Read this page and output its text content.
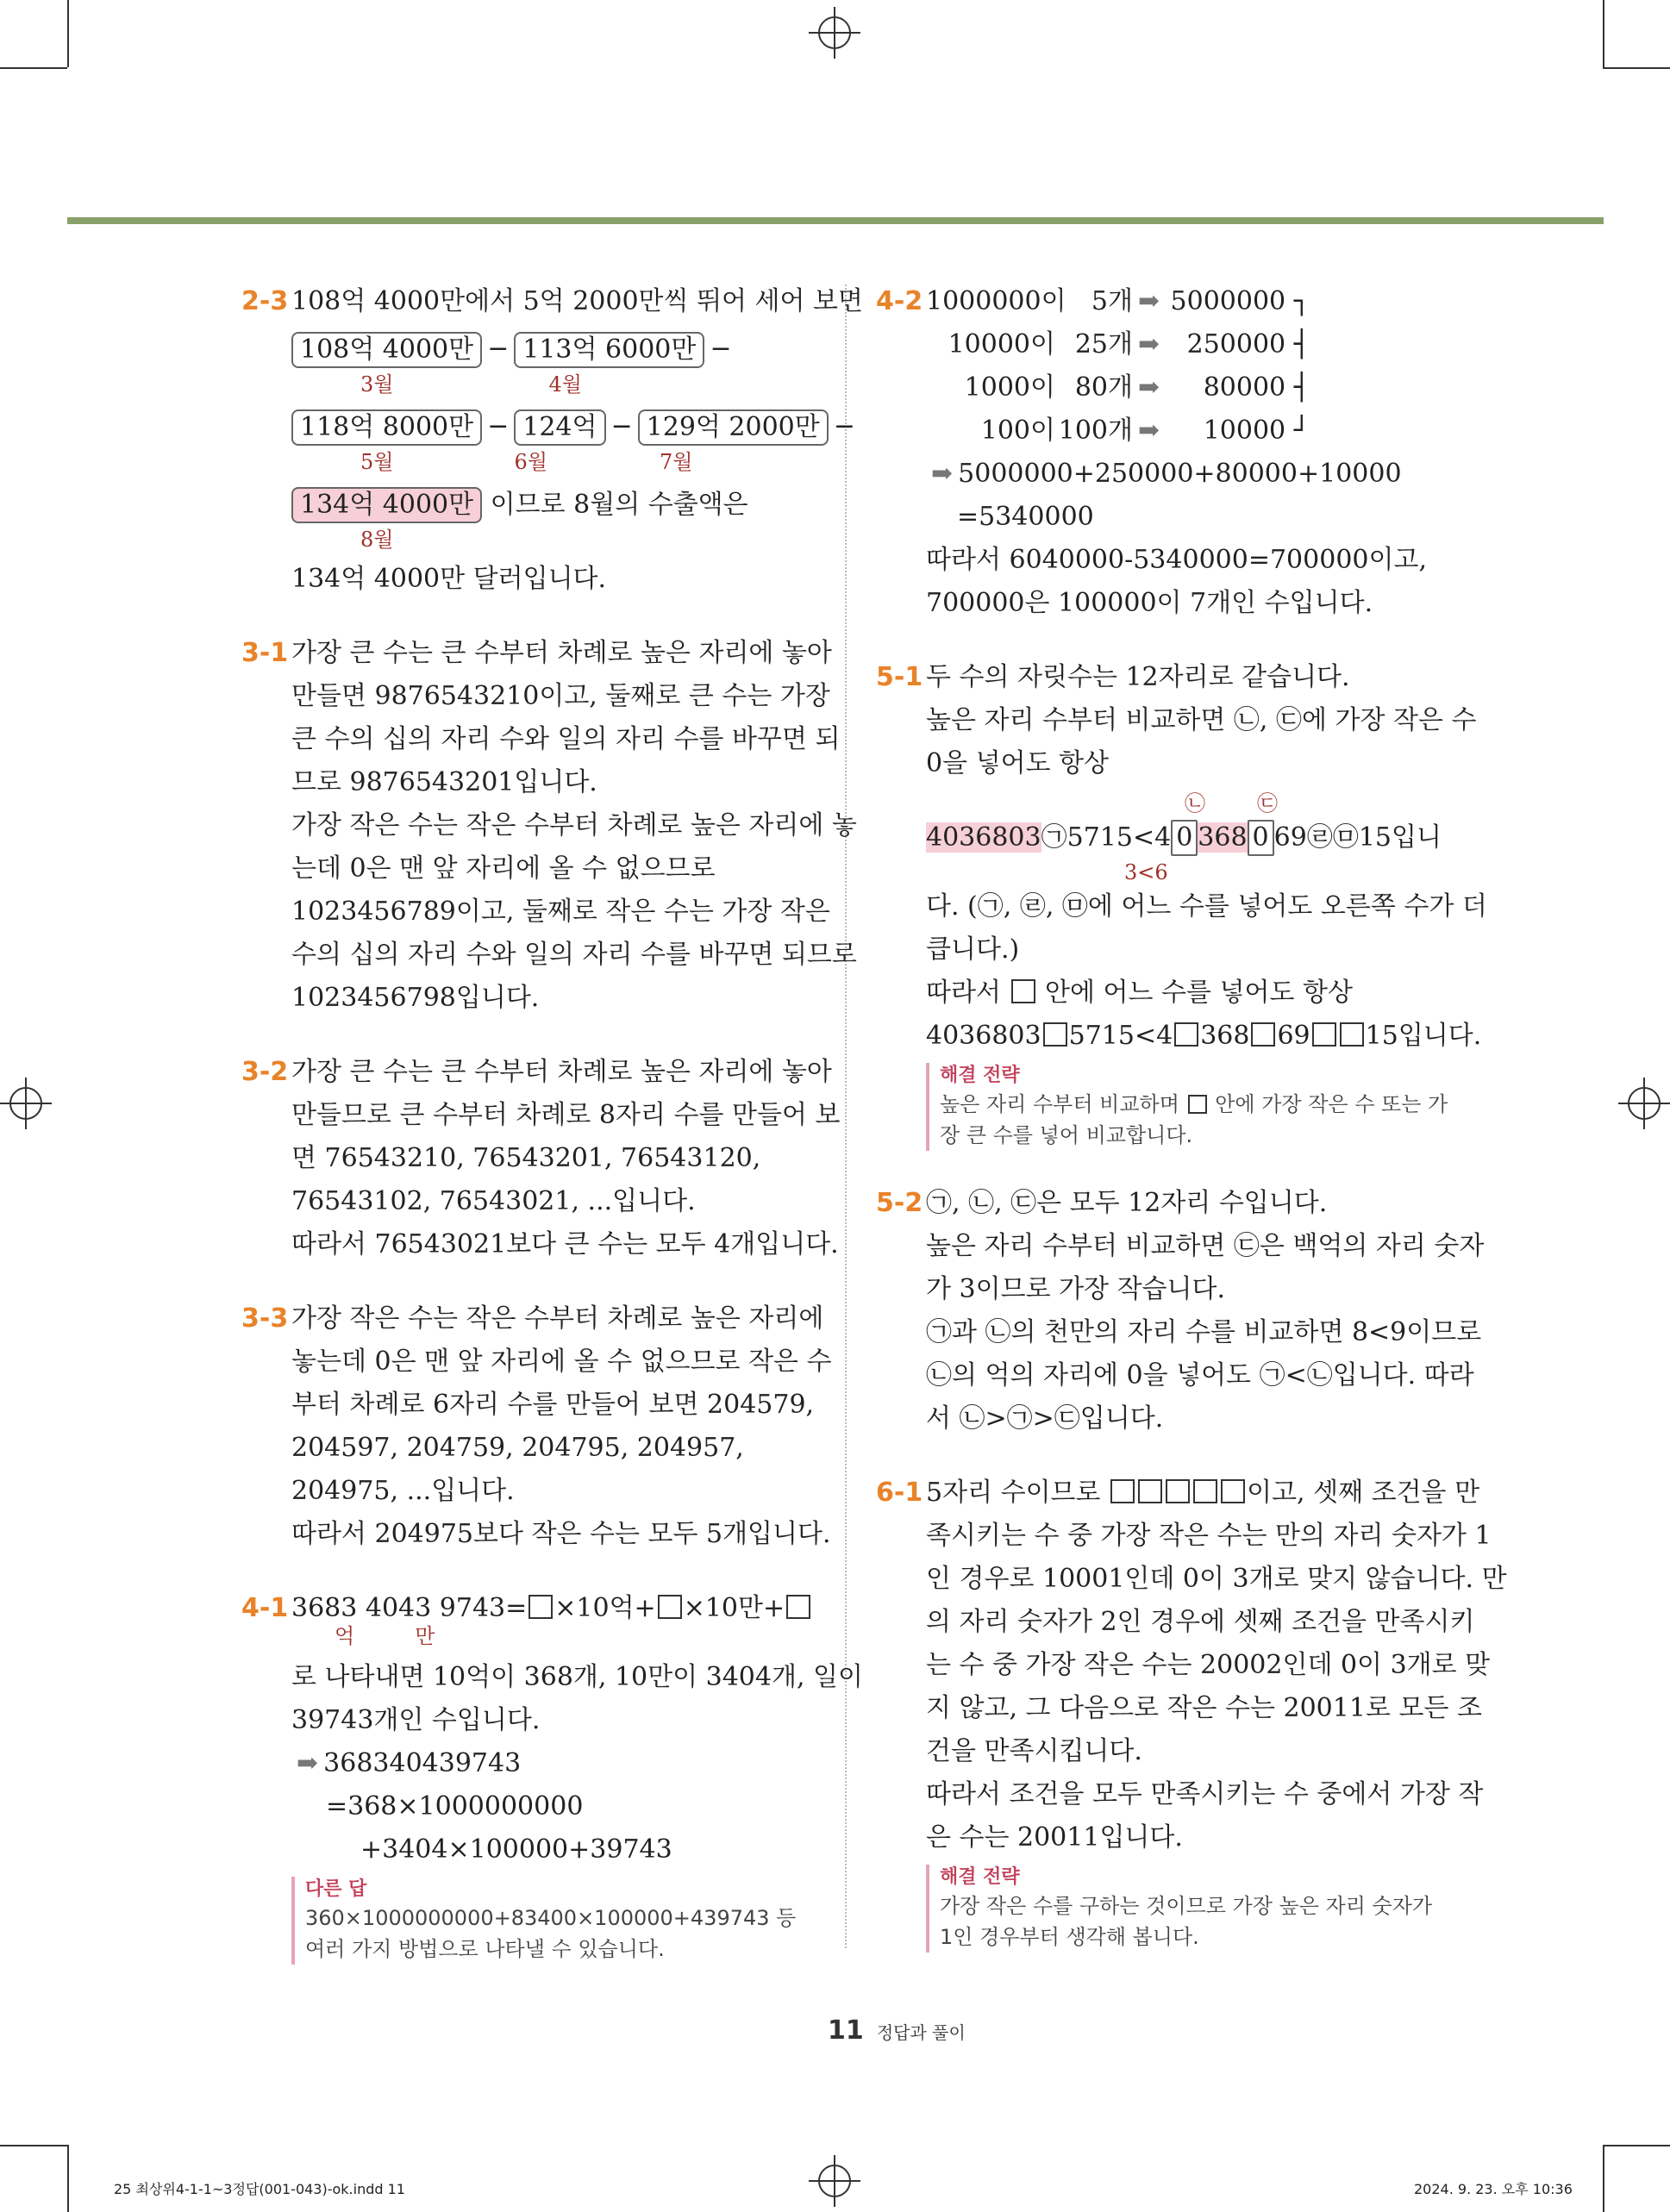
2-3 108억 4000만에서 5억 2000만씩 뛰어 세어 보면
108억 4000만 ─ 113억 6000만 ─
3월	4월
118억 8000만 ─ 124억 ─ 129억 2000만 ─
5월	6월	7월
134억 4000만 이므로 8월의 수출액은
8월
134억 4000만 달러입니다.
3-1 가장 큰 수는 큰 수부터 차례로 높은 자리에 놓아
만들면 9876543210이고, 둘째로 큰 수는 가장
큰 수의 십의 자리 수와 일의 자리 수를 바꾸면 되
므로 9876543201입니다.
가장 작은 수는 작은 수부터 차례로 높은 자리에 놓
는데 0은 맨 앞 자리에 올 수 없으므로
1023456789이고, 둘째로 작은 수는 가장 작은
수의 십의 자리 수와 일의 자리 수를 바꾸면 되므로
1023456798입니다.
3-2 가장 큰 수는 큰 수부터 차례로 높은 자리에 놓아
만들므로 큰 수부터 차례로 8자리 수를 만들어 보
면 76543210, 76543201, 76543120,
76543102, 76543021, ...입니다.
따라서 76543021보다 큰 수는 모두 4개입니다.
3-3 가장 작은 수는 작은 수부터 차례로 높은 자리에
놓는데 0은 맨 앞 자리에 올 수 없으므로 작은 수
부터 차례로 6자리 수를 만들어 보면 204579,
204597, 204759, 204795, 204957,
204975, ...입니다.
따라서 204975보다 작은 수는 모두 5개입니다.
4-1 3683 4043 9743= ×10억+ ×10만+
억	만
로 나타내면 10억이 368개, 10만이 3404개, 일이
39743개인 수입니다.
➡ 368340439743
=368×1000000000
+3404×100000+39743
다른 답
360×1000000000+83400×100000+439743 등
여러 가지 방법으로 나타낼 수 있습니다.
4-2 1000000이 5개 ➡ 5000000 ┐
10000이 25개 ➡ 250000 ┤
1000이 80개 ➡ 80000 ┤
100이 100개 ➡ 10000 ┘
➡ 5000000+250000+80000+10000
=5340000
따라서 6040000-5340000=700000이고,
700000은 100000이 7개인 수입니다.
5-1 두 수의 자릿수는 12자리로 같습니다.
높은 자리 수부터 비교하면 ㉡, ㉢에 가장 작은 수
0을 넣어도 항상
㉡	㉢
4036803㉠5715<4 0 368 0 69㉣㉤15입니
3<6
다. (㉠, ㉣, ㉤에 어느 수를 넣어도 오른쪽 수가 더
큽니다.)
따라서 안에 어느 수를 넣어도 항상
4036803 5715<4 368 69 15입니다.
해결 전략
높은 자리 수부터 비교하며 안에 가장 작은 수 또는 가
장 큰 수를 넣어 비교합니다.
5-2 ㉠, ㉡, ㉢은 모두 12자리 수입니다.
높은 자리 수부터 비교하면 ㉢은 백억의 자리 숫자
가 3이므로 가장 작습니다.
㉠과 ㉡의 천만의 자리 수를 비교하면 8<9이므로
㉡의 억의 자리에 0을 넣어도 ㉠<㉡입니다. 따라
서 ㉡>㉠>㉢입니다.
6-1 5자리 수이므로	이고, 셋째 조건을 만
족시키는 수 중 가장 작은 수는 만의 자리 숫자가 1
인 경우로 10001인데 0이 3개로 맞지 않습니다. 만
의 자리 숫자가 2인 경우에 셋째 조건을 만족시키
는 수 중 가장 작은 수는 20002인데 0이 3개로 맞
지 않고, 그 다음으로 작은 수는 20011로 모든 조
건을 만족시킵니다.
따라서 조건을 모두 만족시키는 수 중에서 가장 작
은 수는 20011입니다.
해결 전략
가장 작은 수를 구하는 것이므로 가장 높은 자리 숫자가
1인 경우부터 생각해 봅니다.
11 정답과 풀이
25 최상위4-1-1~3정답(001-043)-ok.indd 11	2024. 9. 23. 오후 10:36
